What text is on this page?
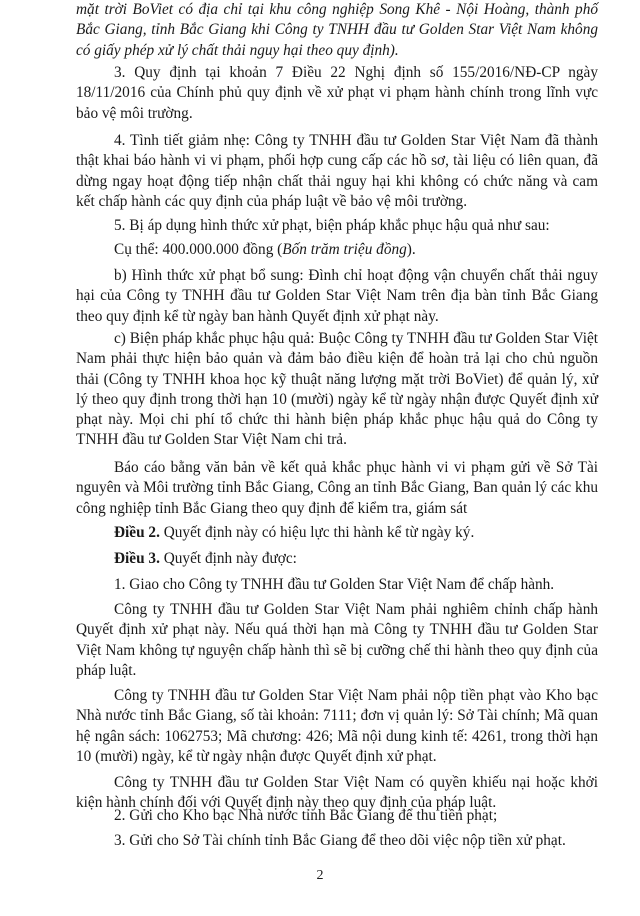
mặt trời BoViet có địa chỉ tại khu công nghiệp Song Khê - Nội Hoàng, thành phố Bắc Giang, tỉnh Bắc Giang khi Công ty TNHH đầu tư Golden Star Việt Nam không có giấy phép xử lý chất thải nguy hại theo quy định).
3. Quy định tại khoản 7 Điều 22 Nghị định số 155/2016/NĐ-CP ngày 18/11/2016 của Chính phủ quy định về xử phạt vi phạm hành chính trong lĩnh vực bảo vệ môi trường.
4. Tình tiết giảm nhẹ: Công ty TNHH đầu tư Golden Star Việt Nam đã thành thật khai báo hành vi vi phạm, phối hợp cung cấp các hồ sơ, tài liệu có liên quan, đã dừng ngay hoạt động tiếp nhận chất thải nguy hại khi không có chức năng và cam kết chấp hành các quy định của pháp luật về bảo vệ môi trường.
5. Bị áp dụng hình thức xử phạt, biện pháp khắc phục hậu quả như sau:
Cụ thể: 400.000.000 đồng (Bốn trăm triệu đồng).
b) Hình thức xử phạt bổ sung: Đình chỉ hoạt động vận chuyển chất thải nguy hại của Công ty TNHH đầu tư Golden Star Việt Nam trên địa bàn tỉnh Bắc Giang theo quy định kể từ ngày ban hành Quyết định xử phạt này.
c) Biện pháp khắc phục hậu quả: Buộc Công ty TNHH đầu tư Golden Star Việt Nam phải thực hiện bảo quản và đảm bảo điều kiện để hoàn trả lại cho chủ nguồn thải (Công ty TNHH khoa học kỹ thuật năng lượng mặt trời BoViet) để quản lý, xử lý theo quy định trong thời hạn 10 (mười) ngày kể từ ngày nhận được Quyết định xử phạt này. Mọi chi phí tổ chức thi hành biện pháp khắc phục hậu quả do Công ty TNHH đầu tư Golden Star Việt Nam chi trả.
Báo cáo bằng văn bản về kết quả khắc phục hành vi vi phạm gửi về Sở Tài nguyên và Môi trường tỉnh Bắc Giang, Công an tỉnh Bắc Giang, Ban quản lý các khu công nghiệp tỉnh Bắc Giang theo quy định để kiểm tra, giám sát
Điều 2. Quyết định này có hiệu lực thi hành kể từ ngày ký.
Điều 3. Quyết định này được:
1. Giao cho Công ty TNHH đầu tư Golden Star Việt Nam để chấp hành.
Công ty TNHH đầu tư Golden Star Việt Nam phải nghiêm chỉnh chấp hành Quyết định xử phạt này. Nếu quá thời hạn mà Công ty TNHH đầu tư Golden Star Việt Nam không tự nguyện chấp hành thì sẽ bị cưỡng chế thi hành theo quy định của pháp luật.
Công ty TNHH đầu tư Golden Star Việt Nam phải nộp tiền phạt vào Kho bạc Nhà nước tỉnh Bắc Giang, số tài khoản: 7111; đơn vị quản lý: Sở Tài chính; Mã quan hệ ngân sách: 1062753; Mã chương: 426; Mã nội dung kinh tế: 4261, trong thời hạn 10 (mười) ngày, kể từ ngày nhận được Quyết định xử phạt.
Công ty TNHH đầu tư Golden Star Việt Nam có quyền khiếu nại hoặc khởi kiện hành chính đối với Quyết định này theo quy định của pháp luật.
2. Gửi cho Kho bạc Nhà nước tỉnh Bắc Giang để thu tiền phạt;
3. Gửi cho Sở Tài chính tỉnh Bắc Giang để theo dõi việc nộp tiền xử phạt.
2
